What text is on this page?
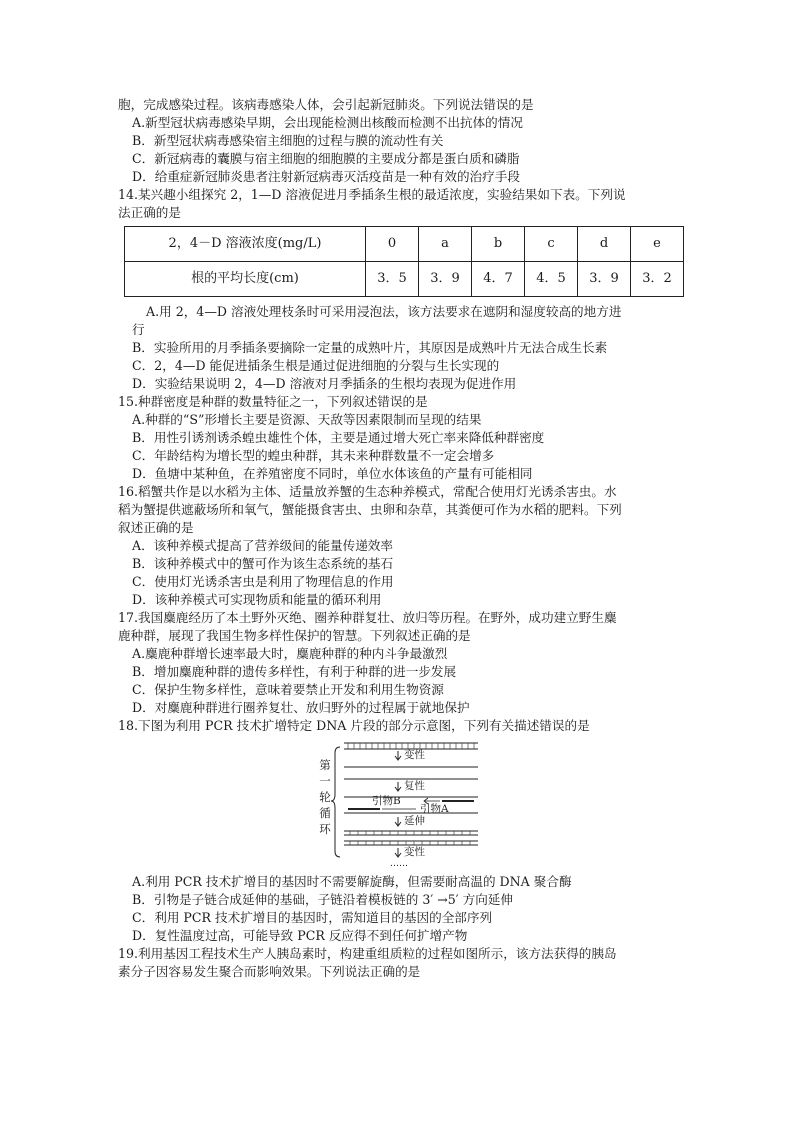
胞，完成感染过程。该病毒感染人体，会引起新冠肺炎。下列说法错误的是
A.新型冠状病毒感染早期，会出现能检测出核酸而检测不出抗体的情况
B．新型冠状病毒感染宿主细胞的过程与膜的流动性有关
C．新冠病毒的囊膜与宿主细胞的细胞膜的主要成分都是蛋白质和磷脂
D．给重症新冠肺炎患者注射新冠病毒灭活疫苗是一种有效的治疗手段
14.某兴趣小组探究 2，1—D 溶液促进月季插条生根的最适浓度，实验结果如下表。下列说
法正确的是
2，4－D 溶液浓度(mg/L)	0	a	b	c	d	e
根的平均长度(cm)	3．5	3．9	4．7	4．5	3．9	3．2
A.用 2，4—D 溶液处理枝条时可采用浸泡法，该方法要求在遮阴和湿度较高的地方进
行
B．实验所用的月季插条要摘除一定量的成熟叶片，其原因是成熟叶片无法合成生长素
C．2，4—D 能促进插条生根是通过促进细胞的分裂与生长实现的
D．实验结果说明 2，4—D 溶液对月季插条的生根均表现为促进作用
15.种群密度是种群的数量特征之一，下列叙述错误的是
A.种群的“S”形增长主要是资源、天敌等因素限制而呈现的结果
B．用性引诱剂诱杀蝗虫雄性个体，主要是通过增大死亡率来降低种群密度
C．年龄结构为增长型的蝗虫种群，其未来种群数量不一定会增多
D．鱼塘中某种鱼，在养殖密度不同时，单位水体该鱼的产量有可能相同
16.稻蟹共作是以水稻为主体、适量放养蟹的生态种养模式，常配合使用灯光诱杀害虫。水
稻为蟹提供遮蔽场所和氧气，蟹能摄食害虫、虫卵和杂草，其粪便可作为水稻的肥料。下列
叙述正确的是
A．该种养模式提高了营养级间的能量传递效率
B．该种养模式中的蟹可作为该生态系统的基石
C．使用灯光诱杀害虫是利用了物理信息的作用
D．该种养模式可实现物质和能量的循环利用
17.我国麋鹿经历了本土野外灭绝、圈养种群复壮、放归等历程。在野外，成功建立野生麋
鹿种群，展现了我国生物多样性保护的智慧。下列叙述正确的是
A.麋鹿种群增长速率最大时，麋鹿种群的种内斗争最激烈
B．增加麋鹿种群的遗传多样性，有利于种群的进一步发展
C．保护生物多样性，意味着要禁止开发和利用生物资源
D．对麋鹿种群进行圈养复壮、放归野外的过程属于就地保护
18.下图为利用 PCR 技术扩增特定 DNA 片段的部分示意图，下列有关描述错误的是
第
一
轮
循
环
变性
复性
引物B
引物A
延伸
变性
……
A.利用 PCR 技术扩增目的基因时不需要解旋酶，但需要耐高温的 DNA 聚合酶
B．引物是子链合成延伸的基础，子链沿着模板链的 3′ →5′ 方向延伸
C．利用 PCR 技术扩增目的基因时，需知道目的基因的全部序列
D．复性温度过高，可能导致 PCR 反应得不到任何扩增产物
19.利用基因工程技术生产人胰岛素时，构建重组质粒的过程如图所示，该方法获得的胰岛
素分子因容易发生聚合而影响效果。下列说法正确的是
